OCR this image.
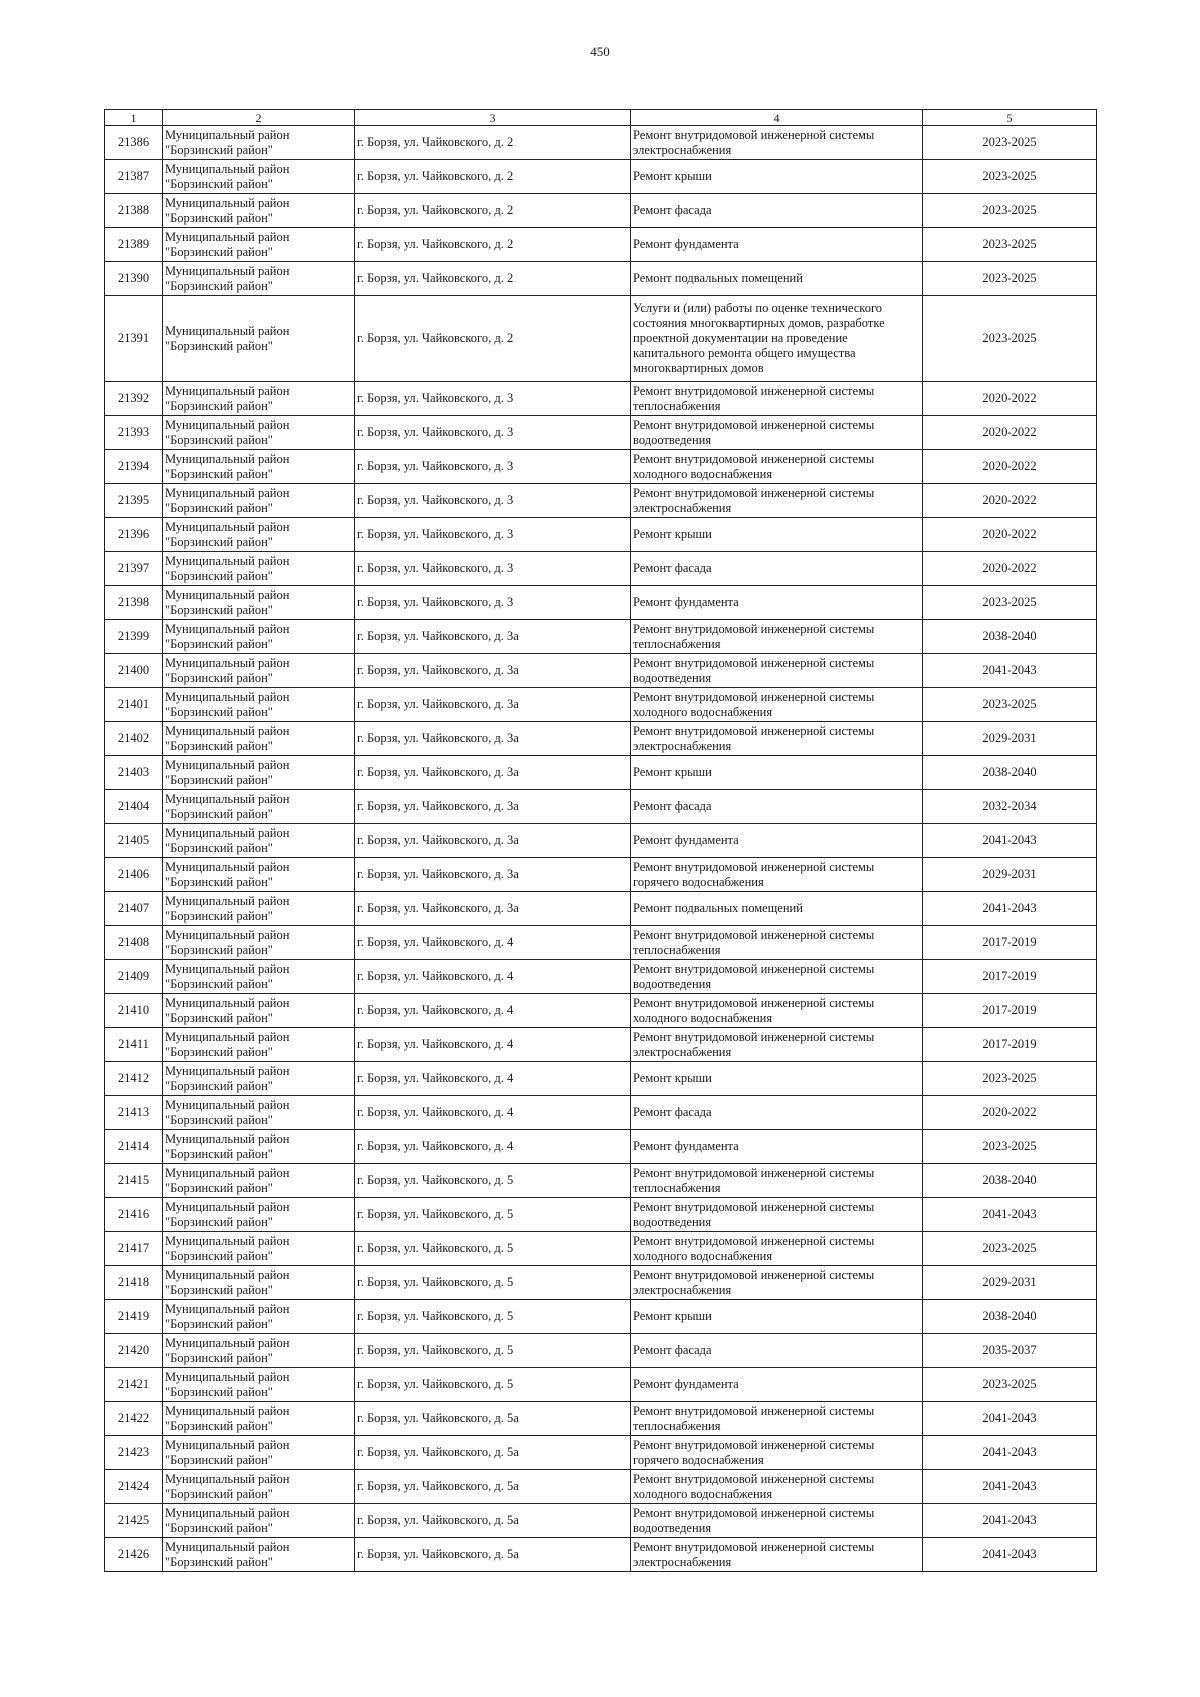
450
1	2	3	4	5
21386	Муниципальный район "Борзинский район"	г. Борзя, ул. Чайковского, д. 2	Ремонт внутридомовой инженерной системы электроснабжения	2023-2025
21387	Муниципальный район "Борзинский район"	г. Борзя, ул. Чайковского, д. 2	Ремонт крыши	2023-2025
21388	Муниципальный район "Борзинский район"	г. Борзя, ул. Чайковского, д. 2	Ремонт фасада	2023-2025
21389	Муниципальный район "Борзинский район"	г. Борзя, ул. Чайковского, д. 2	Ремонт фундамента	2023-2025
21390	Муниципальный район "Борзинский район"	г. Борзя, ул. Чайковского, д. 2	Ремонт подвальных помещений	2023-2025
21391	Муниципальный район "Борзинский район"	г. Борзя, ул. Чайковского, д. 2	Услуги и (или) работы по оценке технического состояния многоквартирных домов, разработке проектной документации на проведение капитального ремонта общего имущества многоквартирных домов	2023-2025
21392	Муниципальный район "Борзинский район"	г. Борзя, ул. Чайковского, д. 3	Ремонт внутридомовой инженерной системы теплоснабжения	2020-2022
21393	Муниципальный район "Борзинский район"	г. Борзя, ул. Чайковского, д. 3	Ремонт внутридомовой инженерной системы водоотведения	2020-2022
21394	Муниципальный район "Борзинский район"	г. Борзя, ул. Чайковского, д. 3	Ремонт внутридомовой инженерной системы холодного водоснабжения	2020-2022
21395	Муниципальный район "Борзинский район"	г. Борзя, ул. Чайковского, д. 3	Ремонт внутридомовой инженерной системы электроснабжения	2020-2022
21396	Муниципальный район "Борзинский район"	г. Борзя, ул. Чайковского, д. 3	Ремонт крыши	2020-2022
21397	Муниципальный район "Борзинский район"	г. Борзя, ул. Чайковского, д. 3	Ремонт фасада	2020-2022
21398	Муниципальный район "Борзинский район"	г. Борзя, ул. Чайковского, д. 3	Ремонт фундамента	2023-2025
21399	Муниципальный район "Борзинский район"	г. Борзя, ул. Чайковского, д. 3а	Ремонт внутридомовой инженерной системы теплоснабжения	2038-2040
21400	Муниципальный район "Борзинский район"	г. Борзя, ул. Чайковского, д. 3а	Ремонт внутридомовой инженерной системы водоотведения	2041-2043
21401	Муниципальный район "Борзинский район"	г. Борзя, ул. Чайковского, д. 3а	Ремонт внутридомовой инженерной системы холодного водоснабжения	2023-2025
21402	Муниципальный район "Борзинский район"	г. Борзя, ул. Чайковского, д. 3а	Ремонт внутридомовой инженерной системы электроснабжения	2029-2031
21403	Муниципальный район "Борзинский район"	г. Борзя, ул. Чайковского, д. 3а	Ремонт крыши	2038-2040
21404	Муниципальный район "Борзинский район"	г. Борзя, ул. Чайковского, д. 3а	Ремонт фасада	2032-2034
21405	Муниципальный район "Борзинский район"	г. Борзя, ул. Чайковского, д. 3а	Ремонт фундамента	2041-2043
21406	Муниципальный район "Борзинский район"	г. Борзя, ул. Чайковского, д. 3а	Ремонт внутридомовой инженерной системы горячего водоснабжения	2029-2031
21407	Муниципальный район "Борзинский район"	г. Борзя, ул. Чайковского, д. 3а	Ремонт подвальных помещений	2041-2043
21408	Муниципальный район "Борзинский район"	г. Борзя, ул. Чайковского, д. 4	Ремонт внутридомовой инженерной системы теплоснабжения	2017-2019
21409	Муниципальный район "Борзинский район"	г. Борзя, ул. Чайковского, д. 4	Ремонт внутридомовой инженерной системы водоотведения	2017-2019
21410	Муниципальный район "Борзинский район"	г. Борзя, ул. Чайковского, д. 4	Ремонт внутридомовой инженерной системы холодного водоснабжения	2017-2019
21411	Муниципальный район "Борзинский район"	г. Борзя, ул. Чайковского, д. 4	Ремонт внутридомовой инженерной системы электроснабжения	2017-2019
21412	Муниципальный район "Борзинский район"	г. Борзя, ул. Чайковского, д. 4	Ремонт крыши	2023-2025
21413	Муниципальный район "Борзинский район"	г. Борзя, ул. Чайковского, д. 4	Ремонт фасада	2020-2022
21414	Муниципальный район "Борзинский район"	г. Борзя, ул. Чайковского, д. 4	Ремонт фундамента	2023-2025
21415	Муниципальный район "Борзинский район"	г. Борзя, ул. Чайковского, д. 5	Ремонт внутридомовой инженерной системы теплоснабжения	2038-2040
21416	Муниципальный район "Борзинский район"	г. Борзя, ул. Чайковского, д. 5	Ремонт внутридомовой инженерной системы водоотведения	2041-2043
21417	Муниципальный район "Борзинский район"	г. Борзя, ул. Чайковского, д. 5	Ремонт внутридомовой инженерной системы холодного водоснабжения	2023-2025
21418	Муниципальный район "Борзинский район"	г. Борзя, ул. Чайковского, д. 5	Ремонт внутридомовой инженерной системы электроснабжения	2029-2031
21419	Муниципальный район "Борзинский район"	г. Борзя, ул. Чайковского, д. 5	Ремонт крыши	2038-2040
21420	Муниципальный район "Борзинский район"	г. Борзя, ул. Чайковского, д. 5	Ремонт фасада	2035-2037
21421	Муниципальный район "Борзинский район"	г. Борзя, ул. Чайковского, д. 5	Ремонт фундамента	2023-2025
21422	Муниципальный район "Борзинский район"	г. Борзя, ул. Чайковского, д. 5а	Ремонт внутридомовой инженерной системы теплоснабжения	2041-2043
21423	Муниципальный район "Борзинский район"	г. Борзя, ул. Чайковского, д. 5а	Ремонт внутридомовой инженерной системы горячего водоснабжения	2041-2043
21424	Муниципальный район "Борзинский район"	г. Борзя, ул. Чайковского, д. 5а	Ремонт внутридомовой инженерной системы холодного водоснабжения	2041-2043
21425	Муниципальный район "Борзинский район"	г. Борзя, ул. Чайковского, д. 5а	Ремонт внутридомовой инженерной системы водоотведения	2041-2043
21426	Муниципальный район "Борзинский район"	г. Борзя, ул. Чайковского, д. 5а	Ремонт внутридомовой инженерной системы электроснабжения	2041-2043
